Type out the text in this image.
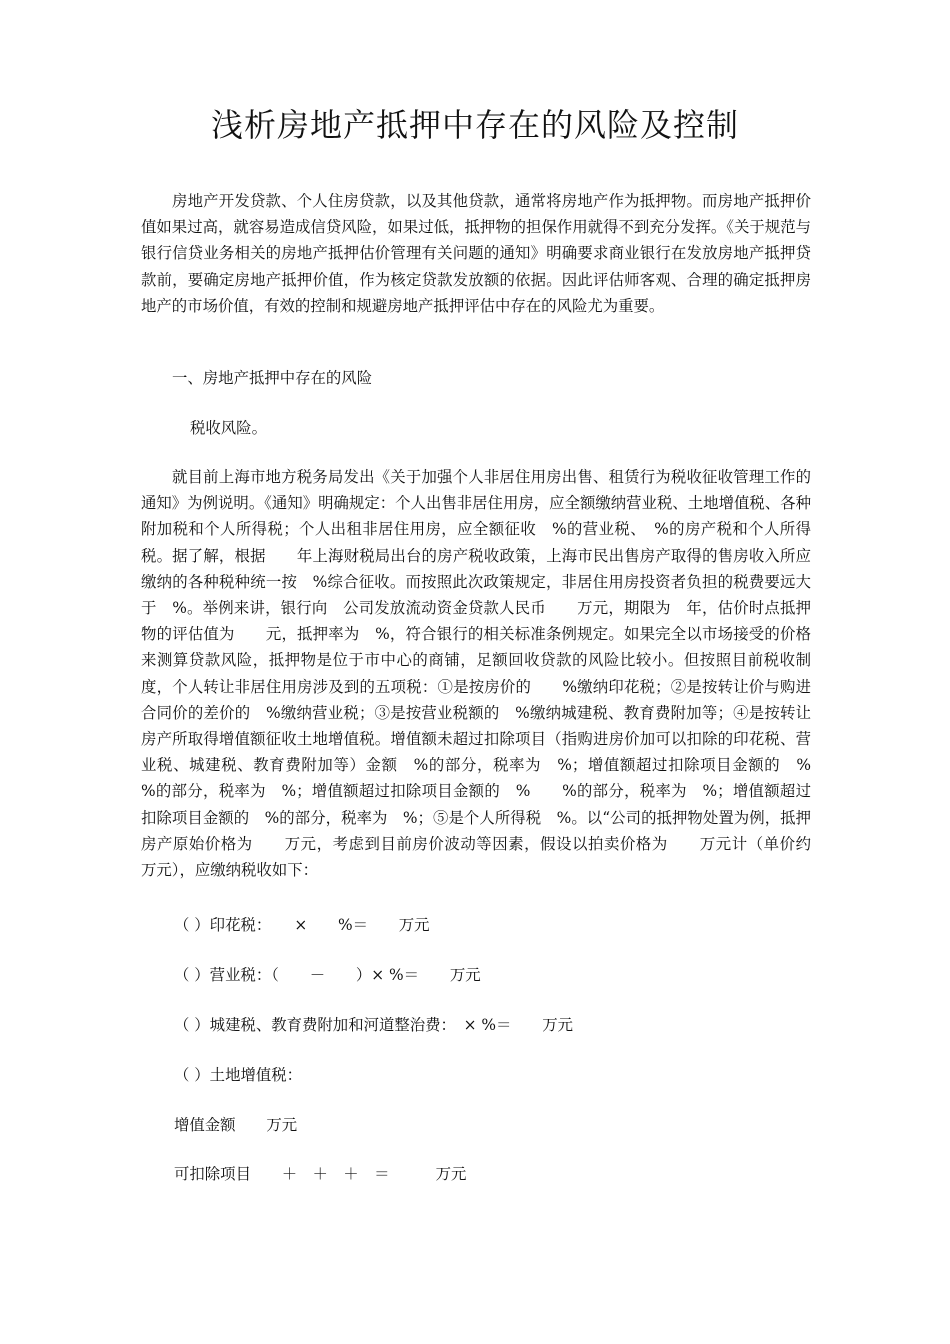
浅析房地产抵押中存在的风险及控制

房地产开发贷款、个人住房贷款，以及其他贷款，通常将房地产作为抵押物。而房地产抵押价值如果过高，就容易造成信贷风险，如果过低，抵押物的担保作用就得不到充分发挥。《关于规范与银行信贷业务相关的房地产抵押估价管理有关问题的通知》明确要求商业银行在发放房地产抵押贷款前，要确定房地产抵押价值，作为核定贷款发放额的依据。因此评估师客观、合理的确定抵押房地产的市场价值，有效的控制和规避房地产抵押评估中存在的风险尤为重要。

一、房地产抵押中存在的风险

税收风险。

就目前上海市地方税务局发出《关于加强个人非居住用房出售、租赁行为税收征收管理工作的通知》为例说明。《通知》明确规定：个人出售非居住用房，应全额缴纳营业税、土地增值税、各种附加税和个人所得税；个人出租非居住用房，应全额征收　%的营业税、　%的房产税和个人所得税。据了解，根据　　年上海财税局出台的房产税收政策，上海市民出售房产取得的售房收入所应缴纳的各种税种统一按　%综合征收。而按照此次政策规定，非居住用房投资者负担的税费要远大于　%。举例来讲，银行向　公司发放流动资金贷款人民币　　万元，期限为　年，估价时点抵押物的评估值为　　元，抵押率为　%，符合银行的相关标准条例规定。如果完全以市场接受的价格来测算贷款风险，抵押物是位于市中心的商铺，足额回收贷款的风险比较小。但按照目前税收制度，个人转让非居住用房涉及到的五项税：①是按房价的　　%缴纳印花税；②是按转让价与购进合同价的差价的　%缴纳营业税；③是按营业税额的　%缴纳城建税、教育费附加等；④是按转让房产所取得增值额征收土地增值税。增值额未超过扣除项目（指购进房价加可以扣除的印花税、营业税、城建税、教育费附加等）金额　%的部分，税率为　%；增值额超过扣除项目金额的　%　　%的部分，税率为　%；增值额超过扣除项目金额的　%　　%的部分，税率为　%；增值额超过扣除项目金额的　%的部分，税率为　%；⑤是个人所得税　%。以“公司的抵押物处置为例，抵押房产原始价格为　　万元，考虑到目前房价波动等因素，假设以拍卖价格为　　万元计（单价约　　万元），应缴纳税收如下：

（ ）印花税：　　×　　%＝　　万元

（ ）营业税：（　　－　　）× %＝　　万元

（ ）城建税、教育费附加和河道整治费：　× %＝　　万元

（ ）土地增值税：

增值金额　　万元

可扣除项目　　＋　＋　＋　＝　　　万元
